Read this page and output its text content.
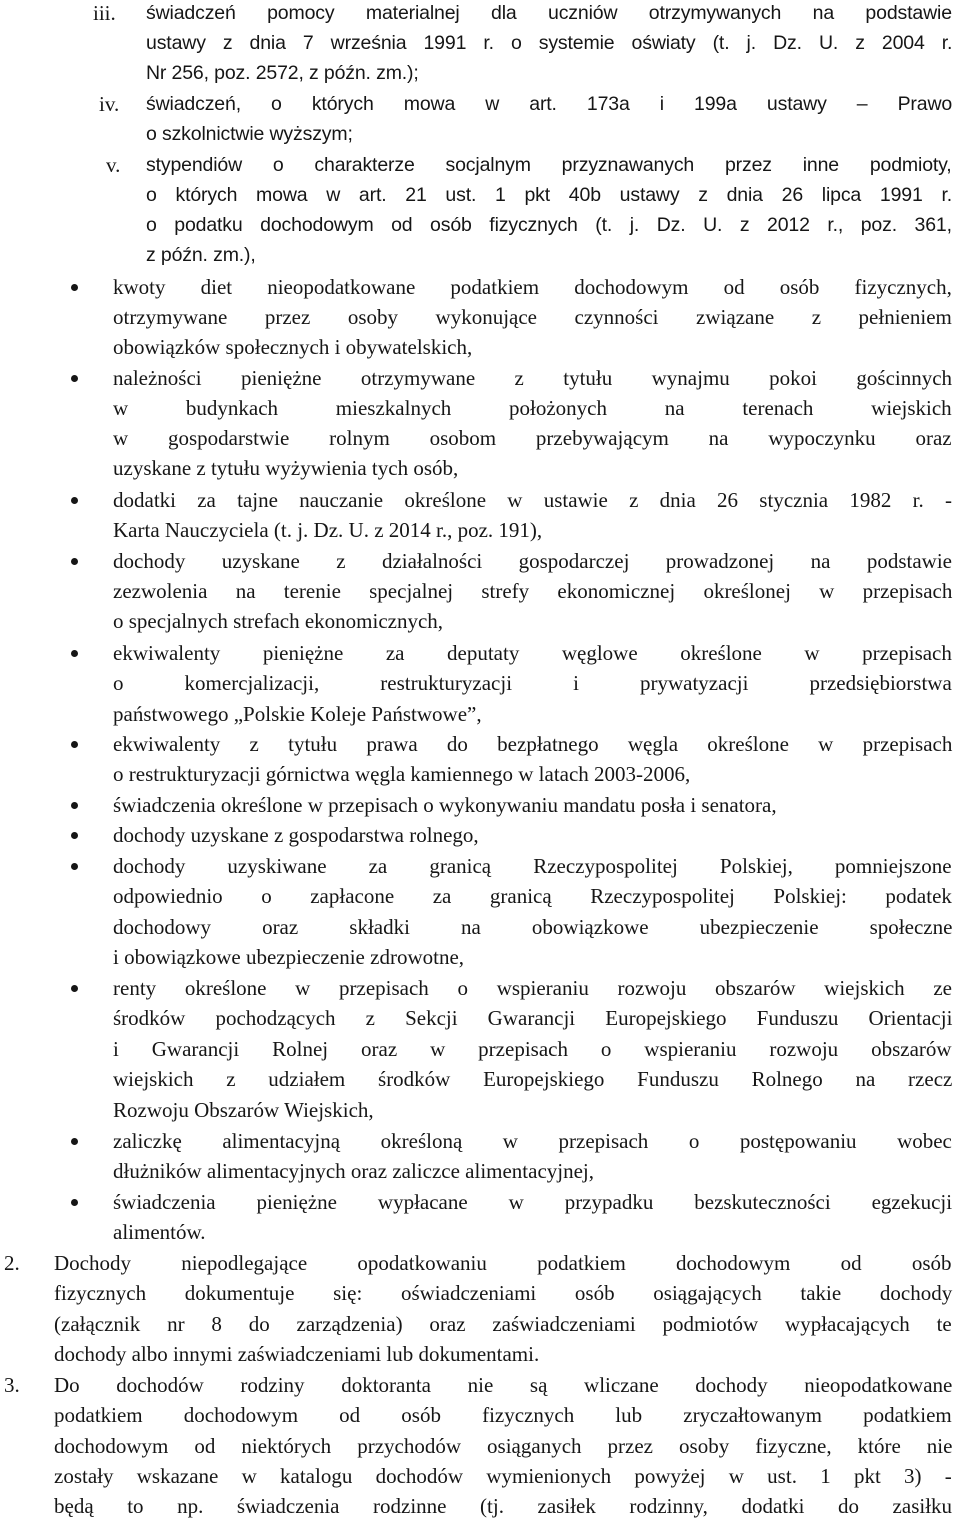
iii. świadczeń pomocy materialnej dla uczniów otrzymywanych na podstawie
ustawy z dnia 7 września 1991 r. o systemie oświaty (t. j. Dz. U. z 2004 r.
Nr 256, poz. 2572, z późn. zm.);
iv. świadczeń, o których mowa w art. 173a i 199a ustawy – Prawo
o szkolnictwie wyższym;
v. stypendiów o charakterze socjalnym przyznawanych przez inne podmioty,
o których mowa w art. 21 ust. 1 pkt 40b ustawy z dnia 26 lipca 1991 r.
o podatku dochodowym od osób fizycznych (t. j. Dz. U. z 2012 r., poz. 361,
z późn. zm.),
kwoty diet nieopodatkowane podatkiem dochodowym od osób fizycznych,
otrzymywane przez osoby wykonujące czynności związane z pełnieniem
obowiązków społecznych i obywatelskich,
należności pieniężne otrzymywane z tytułu wynajmu pokoi gościnnych
w budynkach mieszkalnych położonych na terenach wiejskich
w gospodarstwie rolnym osobom przebywającym na wypoczynku oraz
uzyskane z tytułu wyżywienia tych osób,
dodatki za tajne nauczanie określone w ustawie z dnia 26 stycznia 1982 r. -
Karta Nauczyciela (t. j. Dz. U. z 2014 r., poz. 191),
dochody uzyskane z działalności gospodarczej prowadzonej na podstawie
zezwolenia na terenie specjalnej strefy ekonomicznej określonej w przepisach
o specjalnych strefach ekonomicznych,
ekwiwalenty pieniężne za deputaty węglowe określone w przepisach
o komercjalizacji, restrukturyzacji i prywatyzacji przedsiębiorstwa
państwowego „Polskie Koleje Państwowe”,
ekwiwalenty z tytułu prawa do bezpłatnego węgla określone w przepisach
o restrukturyzacji górnictwa węgla kamiennego w latach 2003-2006,
świadczenia określone w przepisach o wykonywaniu mandatu posła i senatora,
dochody uzyskane z gospodarstwa rolnego,
dochody uzyskiwane za granicą Rzeczypospolitej Polskiej, pomniejszone
odpowiednio o zapłacone za granicą Rzeczypospolitej Polskiej: podatek
dochodowy oraz składki na obowiązkowe ubezpieczenie społeczne
i obowiązkowe ubezpieczenie zdrowotne,
renty określone w przepisach o wspieraniu rozwoju obszarów wiejskich ze
środków pochodzących z Sekcji Gwarancji Europejskiego Funduszu Orientacji
i Gwarancji Rolnej oraz w przepisach o wspieraniu rozwoju obszarów
wiejskich z udziałem środków Europejskiego Funduszu Rolnego na rzecz
Rozwoju Obszarów Wiejskich,
zaliczkę alimentacyjną określoną w przepisach o postępowaniu wobec
dłużników alimentacyjnych oraz zaliczce alimentacyjnej,
świadczenia pieniężne wypłacane w przypadku bezskuteczności egzekucji
alimentów.
2. Dochody niepodlegające opodatkowaniu podatkiem dochodowym od osób
fizycznych dokumentuje się: oświadczeniami osób osiągających takie dochody
(załącznik nr 8 do zarządzenia) oraz zaświadczeniami podmiotów wypłacających te
dochody albo innymi zaświadczeniami lub dokumentami.
3. Do dochodów rodziny doktoranta nie są wliczane dochody nieopodatkowane
podatkiem dochodowym od osób fizycznych lub zryczałtowanym podatkiem
dochodowym od niektórych przychodów osiąganych przez osoby fizyczne, które nie
zostały wskazane w katalogu dochodów wymienionych powyżej w ust. 1 pkt 3) -
będą to np. świadczenia rodzinne (tj. zasiłek rodzinny, dodatki do zasiłku
